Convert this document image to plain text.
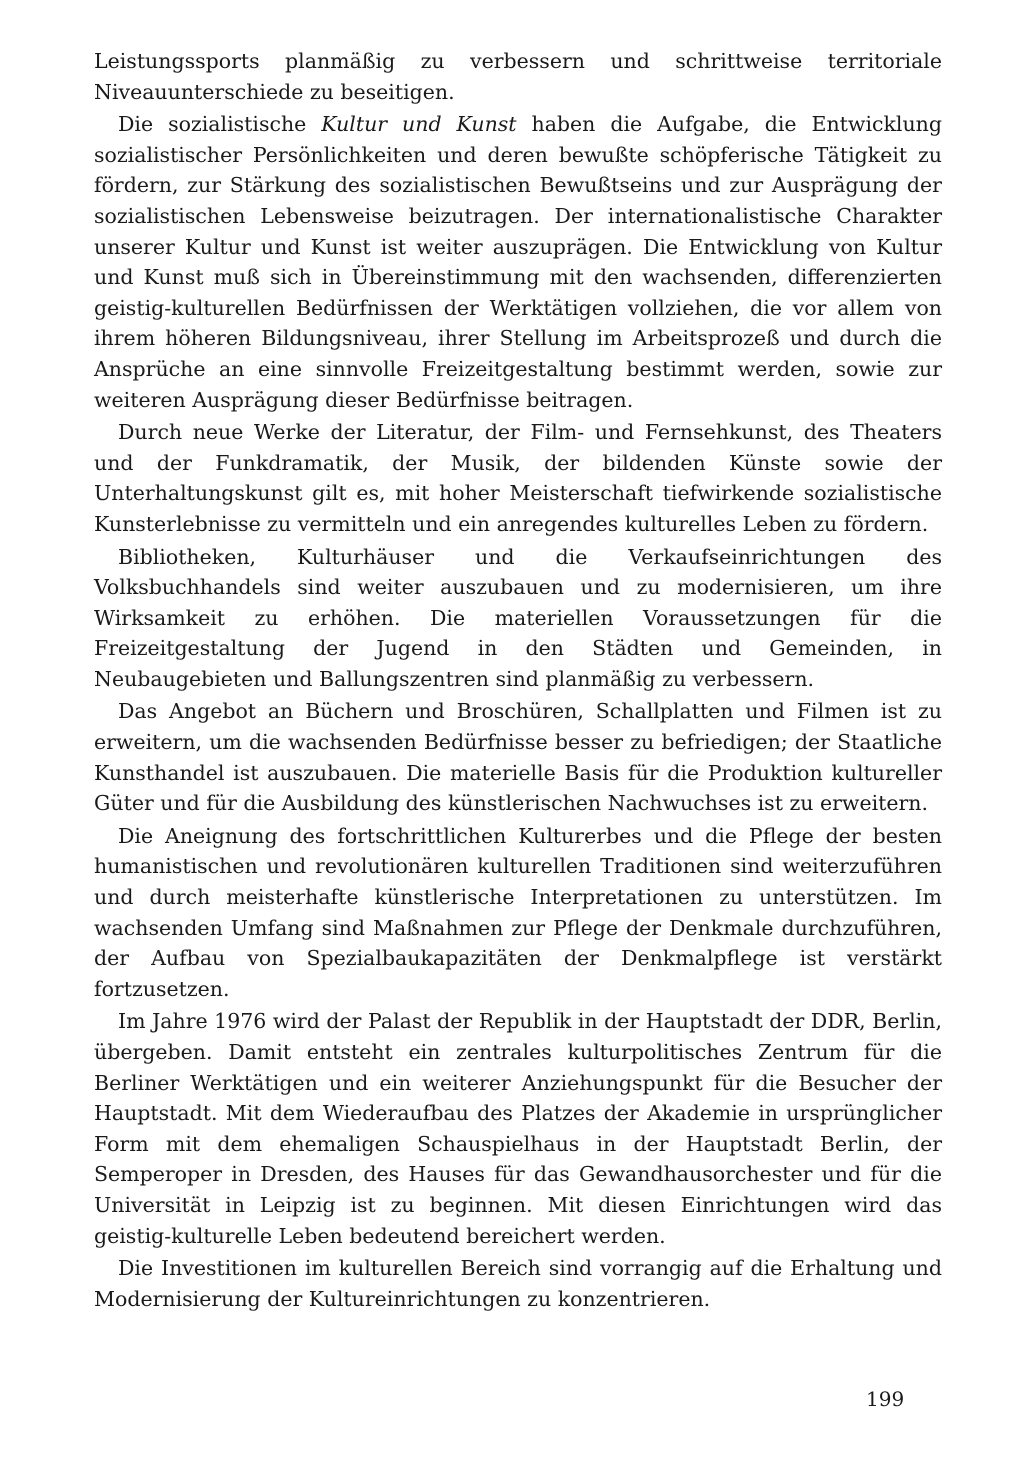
Leistungssports planmäßig zu verbessern und schrittweise territoriale Niveauunterschiede zu beseitigen.

Die sozialistische Kultur und Kunst haben die Aufgabe, die Entwicklung sozialistischer Persönlichkeiten und deren bewußte schöpferische Tätigkeit zu fördern, zur Stärkung des sozialistischen Bewußtseins und zur Ausprägung der sozialistischen Lebensweise beizutragen. Der internationalistische Charakter unserer Kultur und Kunst ist weiter auszuprägen. Die Entwicklung von Kultur und Kunst muß sich in Übereinstimmung mit den wachsenden, differenzierten geistig-kulturellen Bedürfnissen der Werktätigen vollziehen, die vor allem von ihrem höheren Bildungsniveau, ihrer Stellung im Arbeitsprozeß und durch die Ansprüche an eine sinnvolle Freizeitgestaltung bestimmt werden, sowie zur weiteren Ausprägung dieser Bedürfnisse beitragen.

Durch neue Werke der Literatur, der Film- und Fernsehkunst, des Theaters und der Funkdramatik, der Musik, der bildenden Künste sowie der Unterhaltungskunst gilt es, mit hoher Meisterschaft tiefwirkende sozialistische Kunsterlebnisse zu vermitteln und ein anregendes kulturelles Leben zu fördern.

Bibliotheken, Kulturhäuser und die Verkaufseinrichtungen des Volksbuchhandels sind weiter auszubauen und zu modernisieren, um ihre Wirksamkeit zu erhöhen. Die materiellen Voraussetzungen für die Freizeitgestaltung der Jugend in den Städten und Gemeinden, in Neubaugebieten und Ballungszentren sind planmäßig zu verbessern.

Das Angebot an Büchern und Broschüren, Schallplatten und Filmen ist zu erweitern, um die wachsenden Bedürfnisse besser zu befriedigen; der Staatliche Kunsthandel ist auszubauen. Die materielle Basis für die Produktion kultureller Güter und für die Ausbildung des künstlerischen Nachwuchses ist zu erweitern.

Die Aneignung des fortschrittlichen Kulturerbes und die Pflege der besten humanistischen und revolutionären kulturellen Traditionen sind weiterzuführen und durch meisterhafte künstlerische Interpretationen zu unterstützen. Im wachsenden Umfang sind Maßnahmen zur Pflege der Denkmale durchzuführen, der Aufbau von Spezialbaukapazitäten der Denkmalpflege ist verstärkt fortzusetzen.

Im Jahre 1976 wird der Palast der Republik in der Hauptstadt der DDR, Berlin, übergeben. Damit entsteht ein zentrales kulturpolitisches Zentrum für die Berliner Werktätigen und ein weiterer Anziehungspunkt für die Besucher der Hauptstadt. Mit dem Wiederaufbau des Platzes der Akademie in ursprünglicher Form mit dem ehemaligen Schauspielhaus in der Hauptstadt Berlin, der Semperoper in Dresden, des Hauses für das Gewandhausorchester und für die Universität in Leipzig ist zu beginnen. Mit diesen Einrichtungen wird das geistig-kulturelle Leben bedeutend bereichert werden.

Die Investitionen im kulturellen Bereich sind vorrangig auf die Erhaltung und Modernisierung der Kultureinrichtungen zu konzentrieren.

199
